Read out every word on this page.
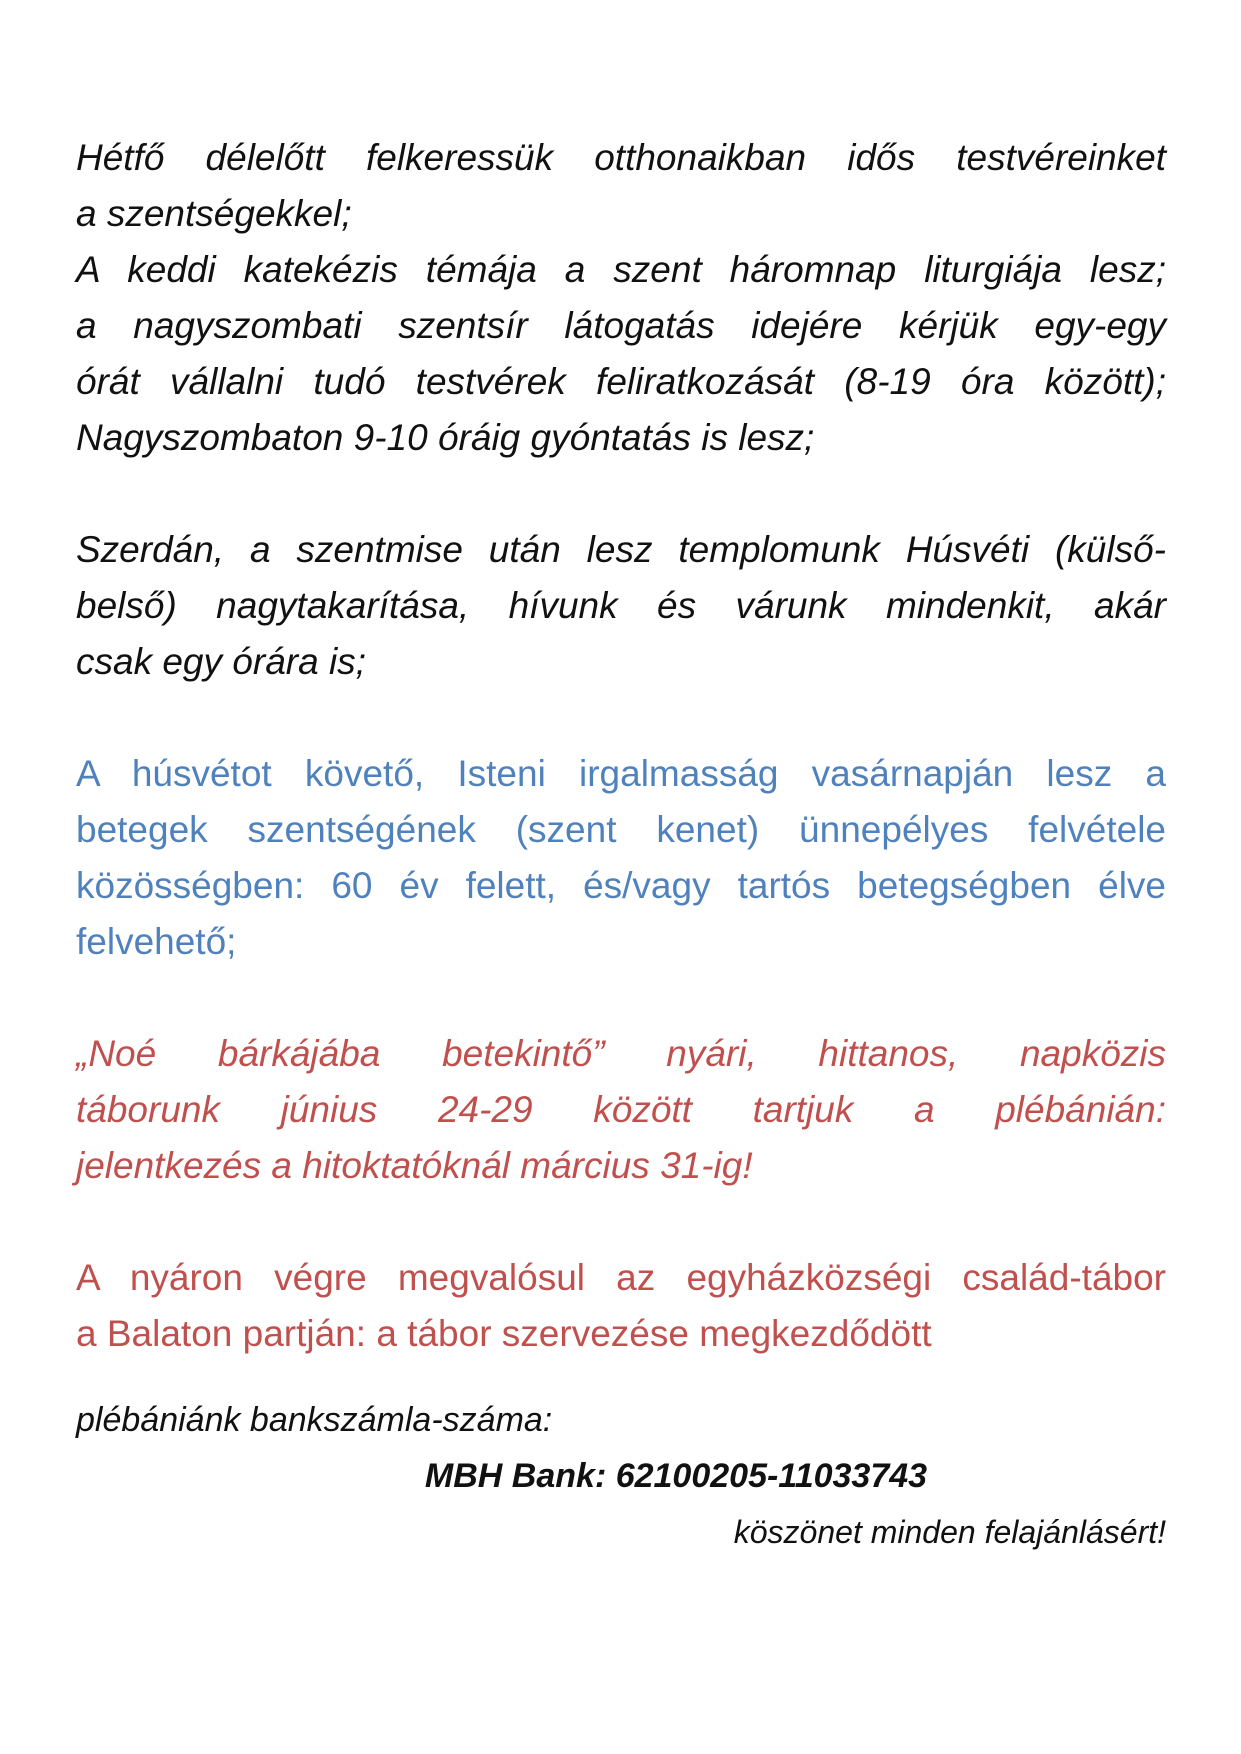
Hétfő délelőtt felkeressük otthonaikban idős testvéreinket
a szentségekkel;
A keddi katekézis témája a szent háromnap liturgiája lesz;
a nagyszombati szentsír látogatás idejére kérjük egy-egy
órát vállalni tudó testvérek feliratkozását (8-19 óra között);
Nagyszombaton 9-10 óráig gyóntatás is lesz;

Szerdán, a szentmise után lesz templomunk Húsvéti (külső-
belső) nagytakarítása, hívunk és várunk mindenkit, akár
csak egy órára is;

A húsvétot követő, Isteni irgalmasság vasárnapján lesz a
betegek szentségének (szent kenet) ünnepélyes felvétele
közösségben: 60 év felett, és/vagy tartós betegségben élve
felvehető;

„Noé bárkájába betekintő” nyári, hittanos, napközis
táborunk június 24-29 között tartjuk a plébánián:
jelentkezés a hitoktatóknál március 31-ig!

A nyáron végre megvalósul az egyházközségi család-tábor
a Balaton partján: a tábor szervezése megkezdődött

plébániánk bankszámla-száma:
MBH Bank: 62100205-11033743
köszönet minden felajánlásért!
